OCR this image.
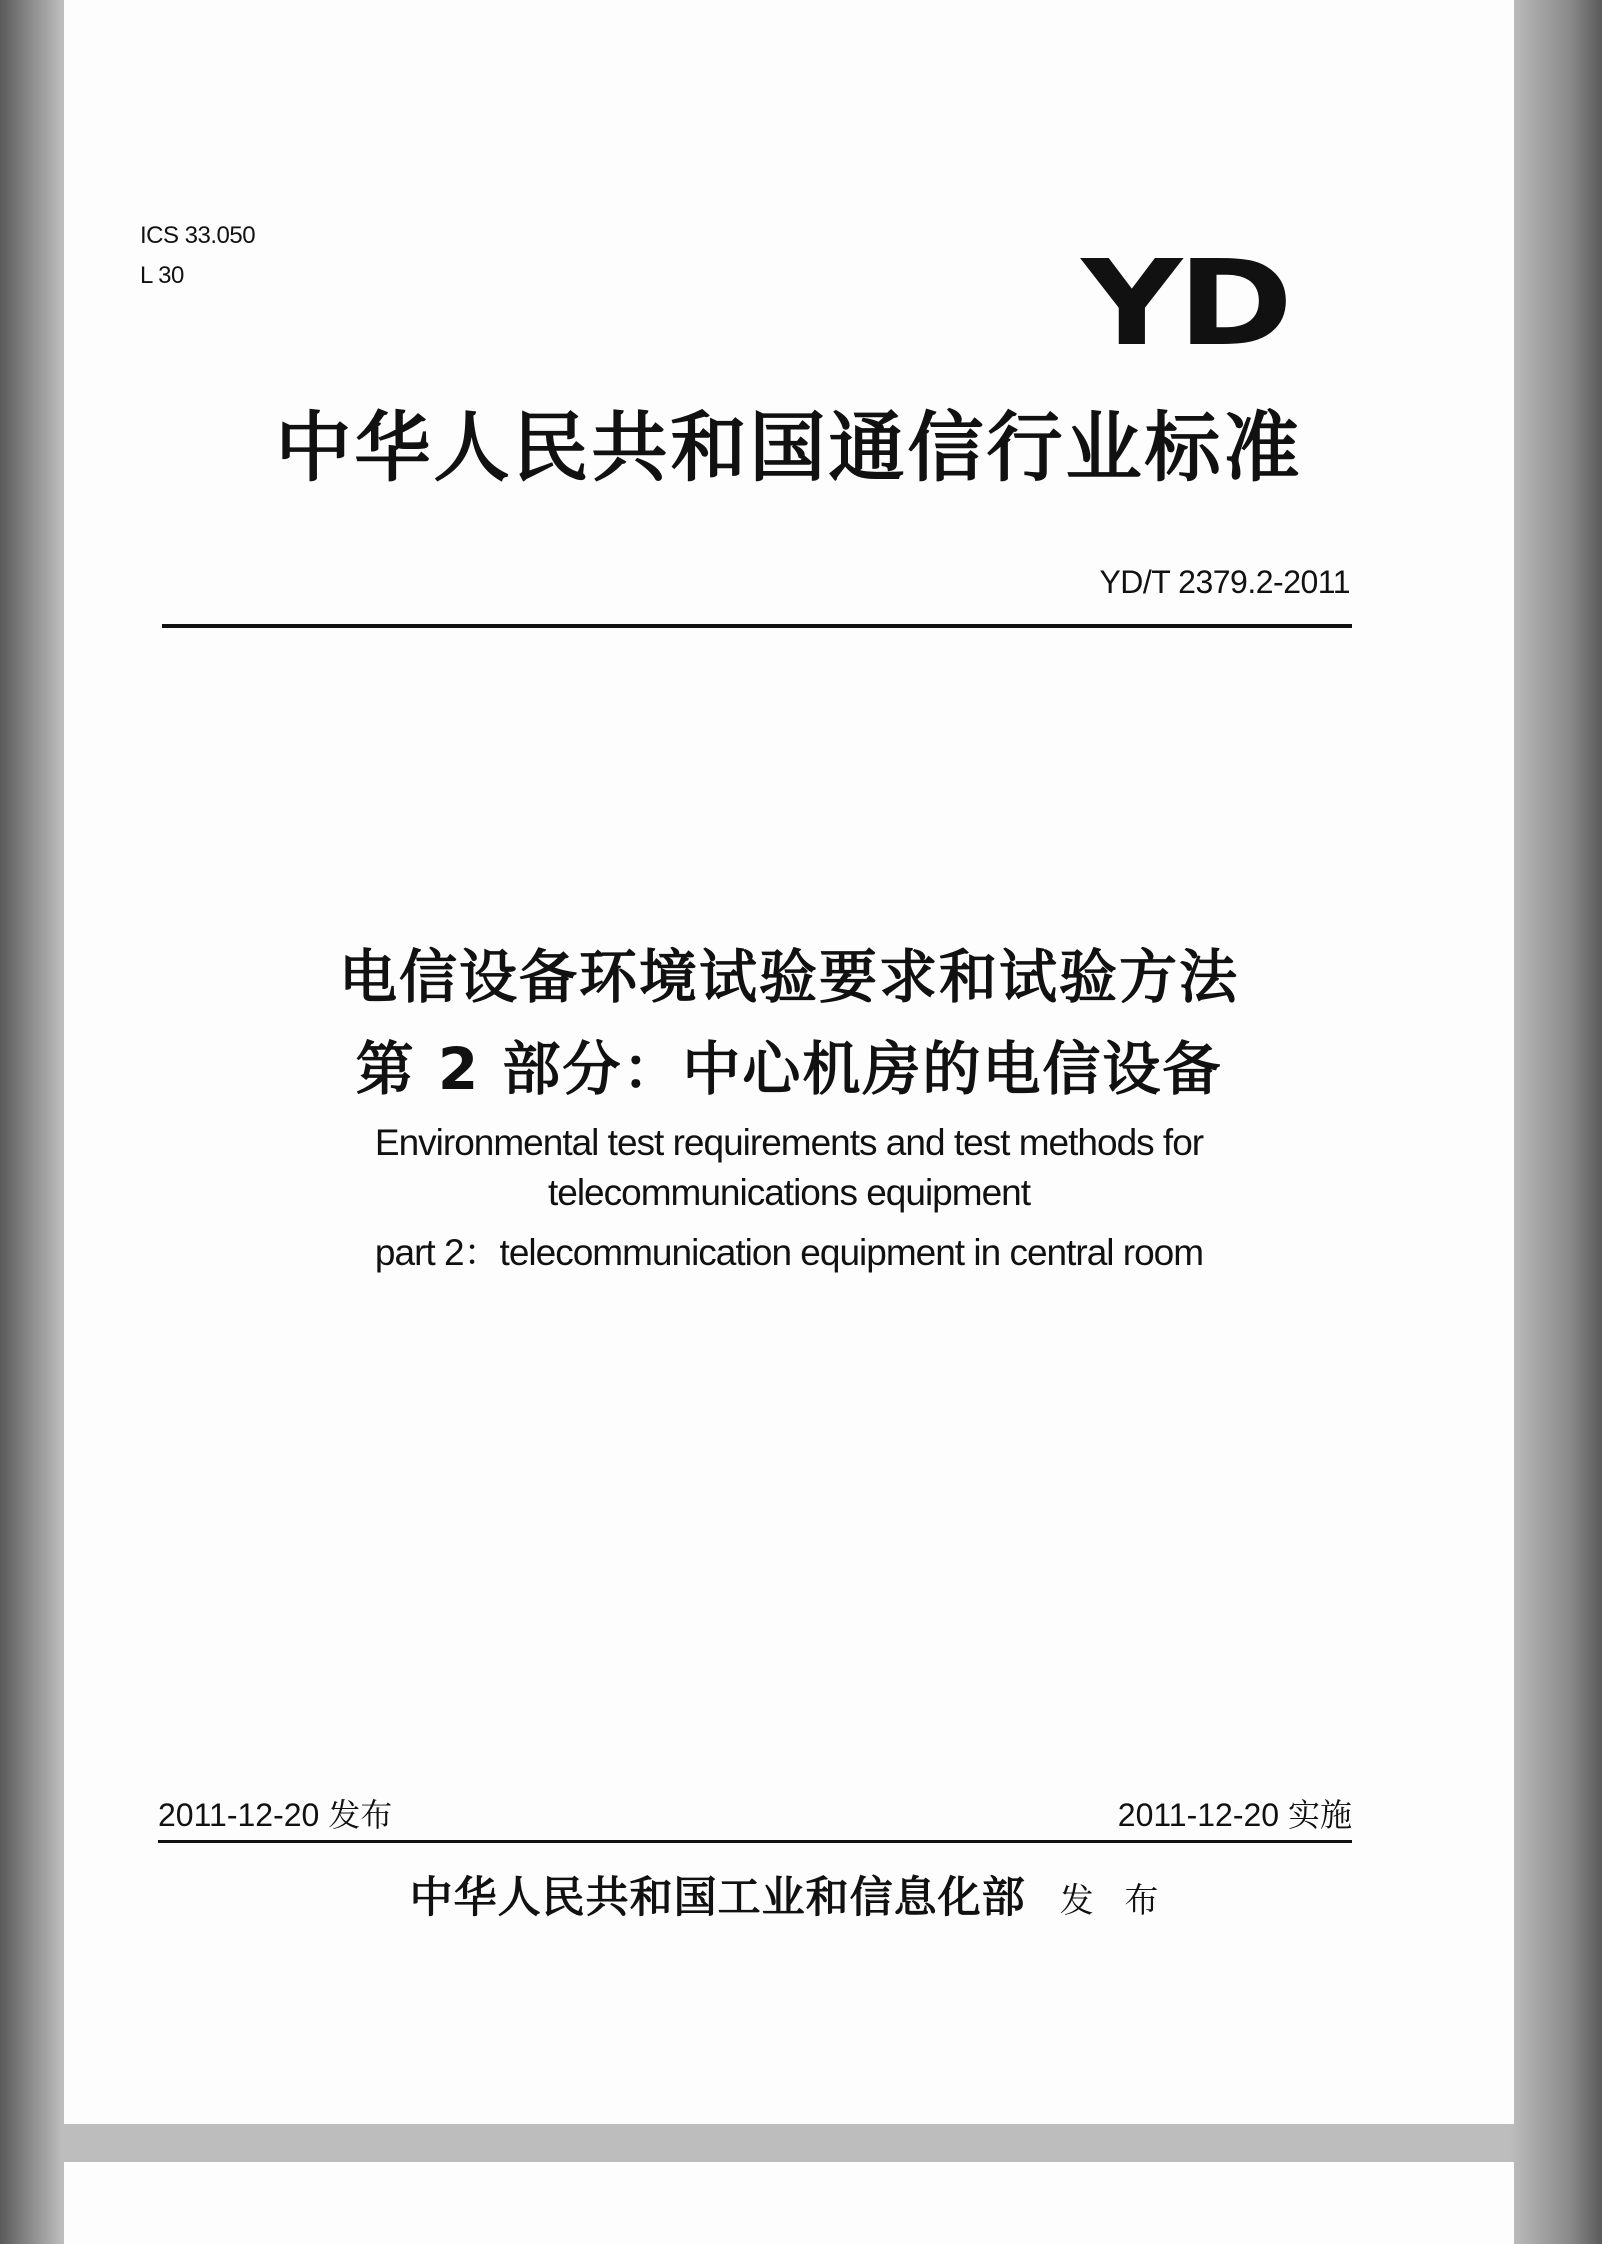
ICS 33.050
L 30	YD
中华人民共和国通信行业标准
YD/T 2379.2-2011
电信设备环境试验要求和试验方法
第 2 部分：中心机房的电信设备
Environmental test requirements and test methods for
telecommunications equipment
part 2：telecommunication equipment in central room
2011-12-20 发布	2011-12-20 实施
中华人民共和国工业和信息化部 发 布
